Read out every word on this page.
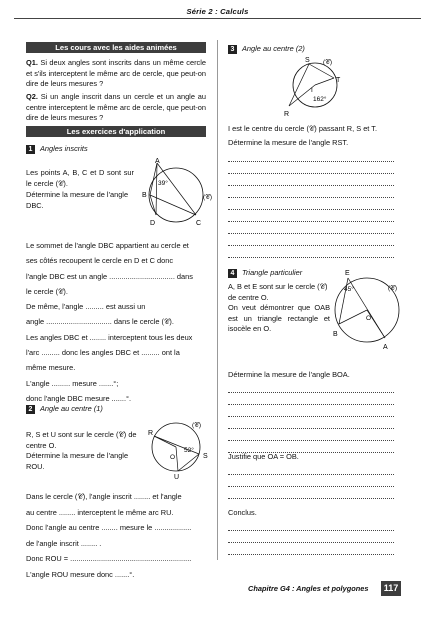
Série 2 : Calculs
Les cours avec les aides animées
Q1. Si deux angles sont inscrits dans un même cercle et s'ils interceptent le même arc de cercle, que peut-on dire de leurs mesures ?
Q2. Si un angle inscrit dans un cercle et un angle au centre interceptent le même arc de cercle, que peut-on dire de leurs mesures ?
Les exercices d'application
1 Angles inscrits
Les points A, B, C et D sont sur le cercle (𝒞).
Détermine la mesure de l'angle DBC.
A
B
D	C
39°
(𝒞)
Le sommet de l'angle DBC appartient au cercle et
ses côtés recoupent le cercle en D et C donc
l'angle DBC est un angle ................................ dans
le cercle (𝒞).
De même, l'angle ......... est aussi un
angle ................................ dans le cercle (𝒞).
Les angles DBC et ........ interceptent tous les deux
l'arc ......... donc les angles DBC et ......... ont la
même mesure.
L'angle ......... mesure .......°;
donc l'angle DBC mesure .......°.
2 Angle au centre (1)
R, S et U sont sur le cercle (𝒞) de centre O.
Détermine la mesure de l'angle ROU.
R
S
U
O
52°
(𝒞)
Dans le cercle (𝒞), l'angle inscrit ........ et l'angle
au centre ........ interceptent le même arc RU.
Donc l'angle au centre ........ mesure le ..................
de l'angle inscrit ........ .
Donc ROU = ...........................................................
L'angle ROU mesure donc .......°.
3 Angle au centre (2)
S
T
R
I
162°
(𝒞)
I est le centre du cercle (𝒞) passant R, S et T.
Détermine la mesure de l'angle RST.
4 Triangle particulier
A, B et E sont sur le cercle (𝒞) de centre O.
On veut démontrer que OAB est un triangle rectangle et isocèle en O.
E
A
B
O
45°	(𝒞)
Détermine la mesure de l'angle BOA.
Justifie que OA = OB.
Conclus.
Chapitre G4 : Angles et polygones	117
